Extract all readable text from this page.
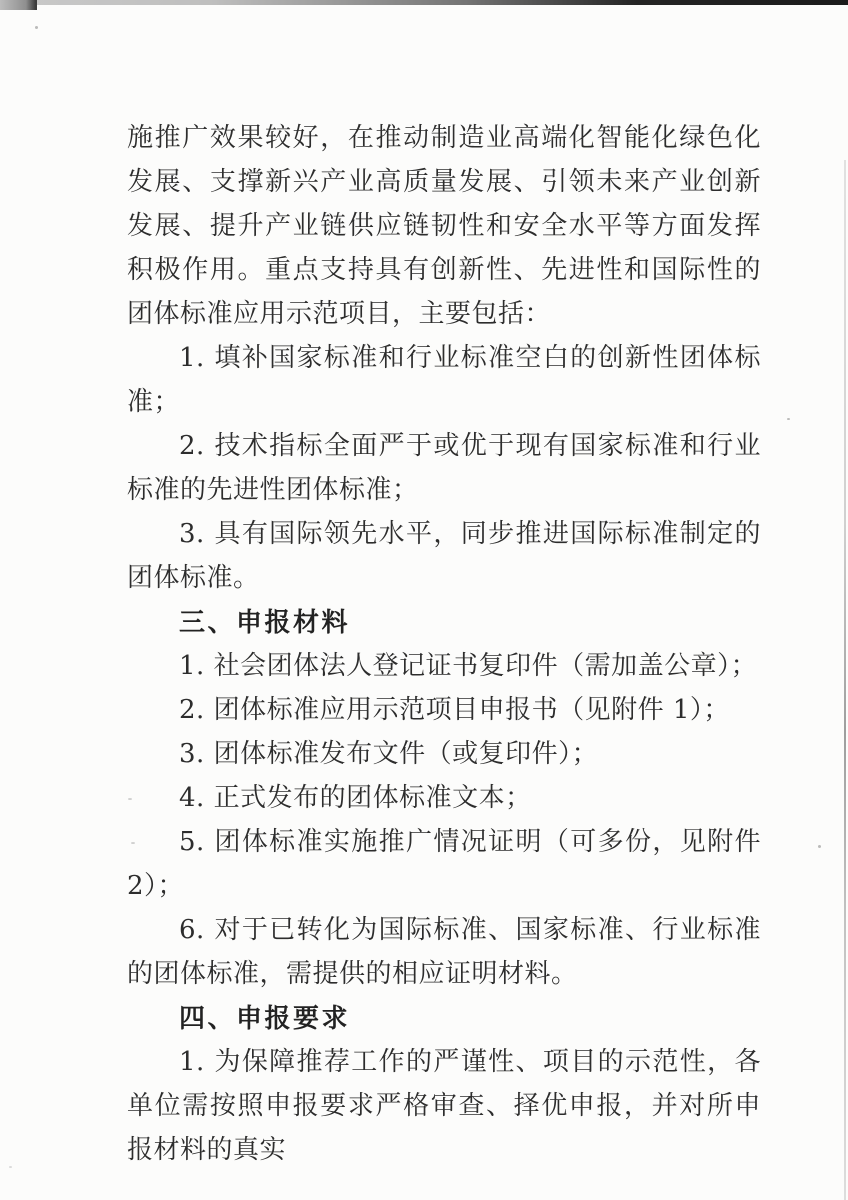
施推广效果较好，在推动制造业高端化智能化绿色化发展、支撑新兴产业高质量发展、引领未来产业创新发展、提升产业链供应链韧性和安全水平等方面发挥积极作用。重点支持具有创新性、先进性和国际性的团体标准应用示范项目，主要包括：

1. 填补国家标准和行业标准空白的创新性团体标准；

2. 技术指标全面严于或优于现有国家标准和行业标准的先进性团体标准；

3. 具有国际领先水平，同步推进国际标准制定的团体标准。

三、申报材料

1. 社会团体法人登记证书复印件（需加盖公章）；

2. 团体标准应用示范项目申报书（见附件 1）；

3. 团体标准发布文件（或复印件）；

4. 正式发布的团体标准文本；

5. 团体标准实施推广情况证明（可多份，见附件 2）；

6. 对于已转化为国际标准、国家标准、行业标准的团体标准，需提供的相应证明材料。

四、申报要求

1. 为保障推荐工作的严谨性、项目的示范性，各单位需按照申报要求严格审查、择优申报，并对所申报材料的真实
